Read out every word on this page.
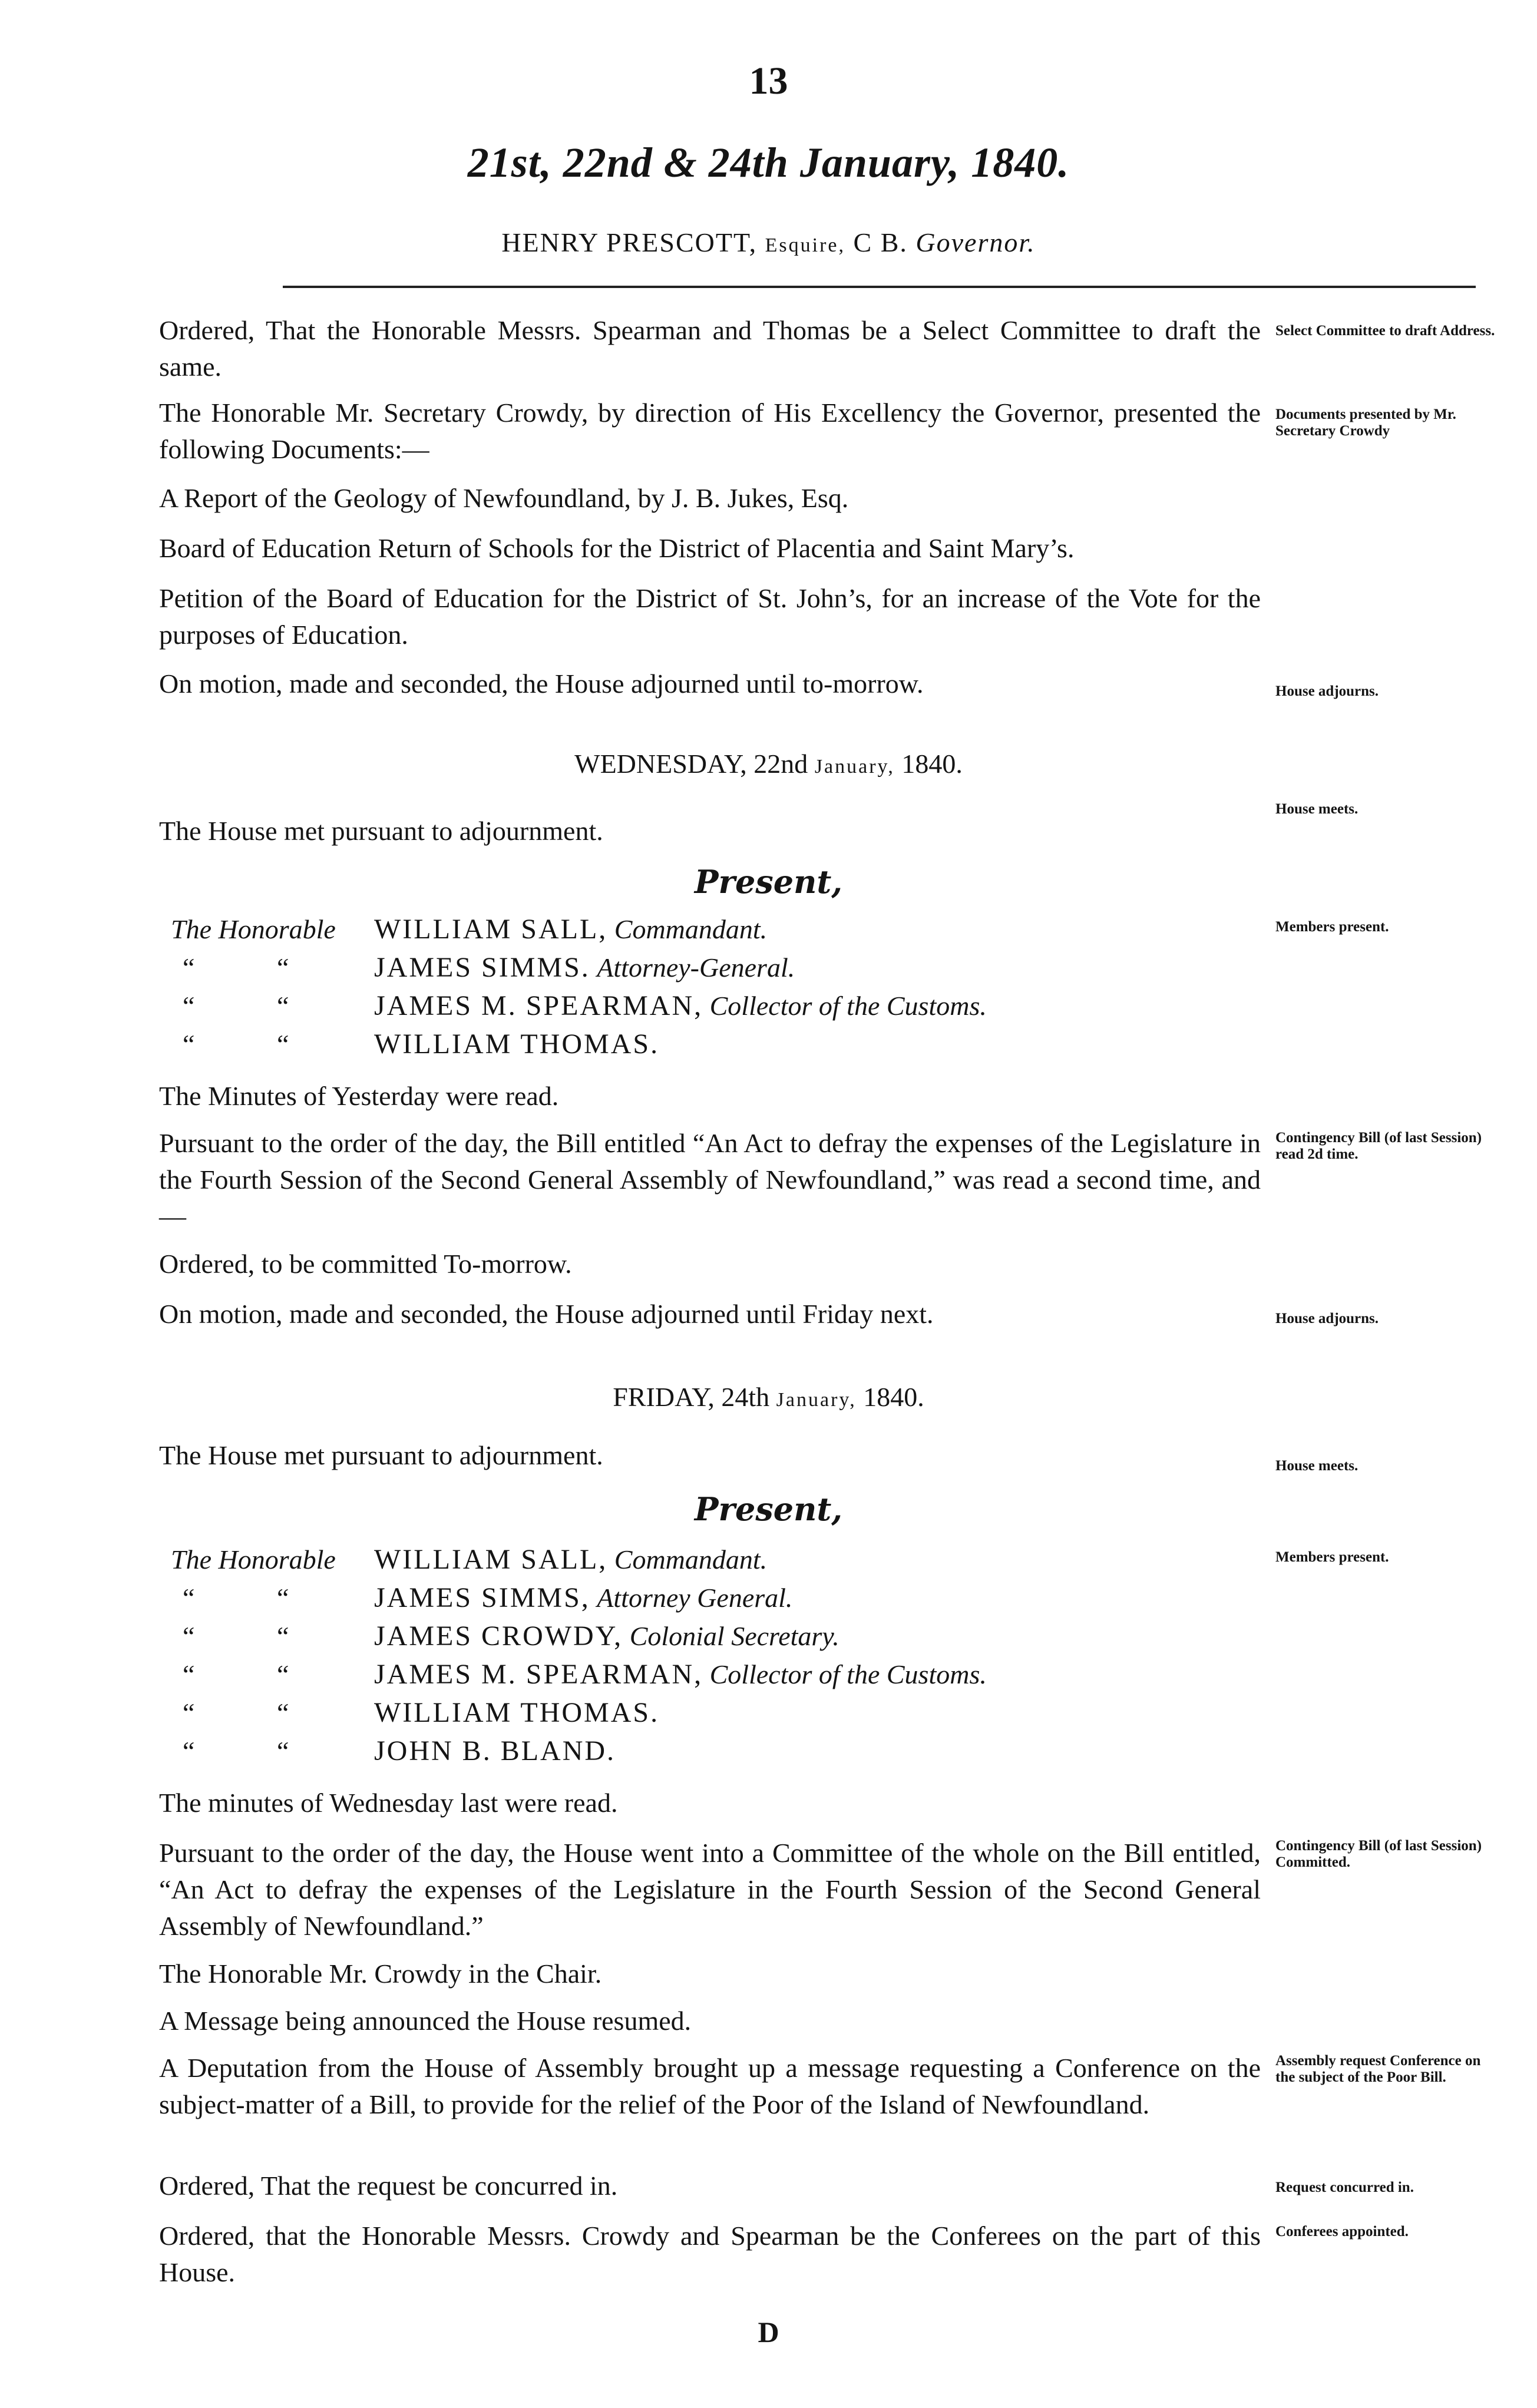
13
21st, 22nd & 24th January, 1840.
HENRY PRESCOTT, Esquire, C B. Governor.
Ordered, That the Honorable Messrs. Spearman and Thomas be a Select Committee to draft the same.
The Honorable Mr. Secretary Crowdy, by direction of His Excellency the Governor, presented the following Documents:—
A Report of the Geology of Newfoundland, by J. B. Jukes, Esq.
Board of Education Return of Schools for the District of Placentia and Saint Mary’s.
Petition of the Board of Education for the District of St. John’s, for an increase of the Vote for the purposes of Education.
On motion, made and seconded, the House adjourned until to-morrow.
Select Committee to draft Address.
Documents presented by Mr. Secretary Crowdy
House adjourns.
WEDNESDAY, 22nd January, 1840.
The House met pursuant to adjournment.
Present,
The Honorable WILLIAM SALL, Commandant.
“	“	JAMES SIMMS. Attorney-General.
“	“	JAMES M. SPEARMAN, Collector of the Customs.
“	“	WILLIAM THOMAS.
The Minutes of Yesterday were read.
Pursuant to the order of the day, the Bill entitled “An Act to defray the expenses of the Legislature in the Fourth Session of the Second General Assembly of Newfoundland,” was read a second time, and—
Ordered, to be committed To-morrow.
On motion, made and seconded, the House adjourned until Friday next.
House meets.
Members present.
Contingency Bill (of last Session) read 2d time.
House adjourns.
FRIDAY, 24th January, 1840.
The House met pursuant to adjournment.
Present,
The Honorable WILLIAM SALL, Commandant.
“	“	JAMES SIMMS, Attorney General.
“	“	JAMES CROWDY, Colonial Secretary.
“	“	JAMES M. SPEARMAN, Collector of the Customs.
“	“	WILLIAM THOMAS.
“	“	JOHN B. BLAND.
The minutes of Wednesday last were read.
Pursuant to the order of the day, the House went into a Committee of the whole on the Bill entitled, “An Act to defray the expenses of the Legislature in the Fourth Session of the Second General Assembly of Newfoundland.”
The Honorable Mr. Crowdy in the Chair.
A Message being announced the House resumed.
A Deputation from the House of Assembly brought up a message requesting a Conference on the subject-matter of a Bill, to provide for the relief of the Poor of the Island of Newfoundland.
Ordered, That the request be concurred in.
Ordered, that the Honorable Messrs. Crowdy and Spearman be the Conferees on the part of this House.
House meets.
Members present.
Contingency Bill (of last Session) Committed.
Assembly request Conference on the subject of the Poor Bill.
Request concurred in.
Conferees appointed.
D
